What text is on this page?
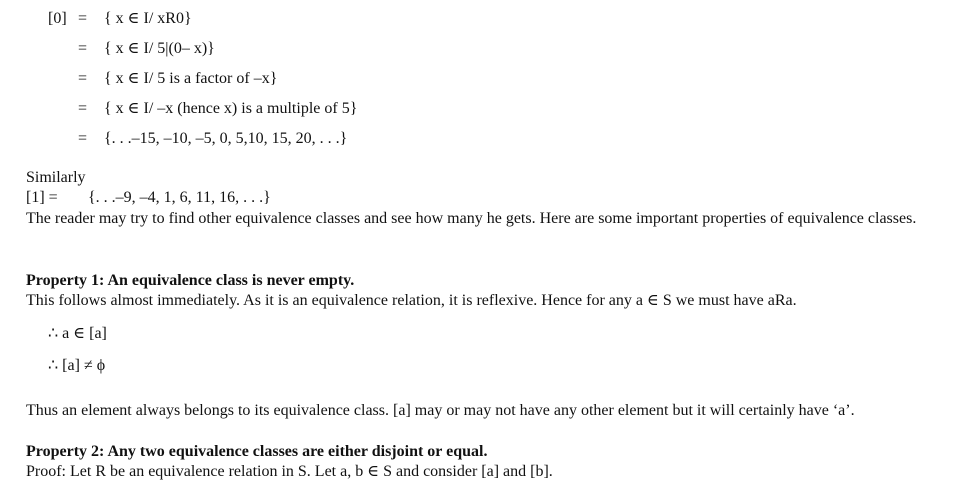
[0] = { x ∈ I/ xR0}
= { x ∈ I/ 5|(0– x)}
= { x ∈ I/ 5 is a factor of –x}
= { x ∈ I/ –x (hence x) is a multiple of 5}
= {. . .–15, –10, –5, 0, 5,10, 15, 20, . . .}
Similarly
[1] = {. . .–9, –4, 1, 6, 11, 16, . . .}
The reader may try to find other equivalence classes and see how many he gets. Here are some important properties of equivalence classes.
Property 1: An equivalence class is never empty.
This follows almost immediately. As it is an equivalence relation, it is reflexive. Hence for any a ∈ S we must have aRa.
∴ a ∈ [a]
∴ [a] ≠ ϕ
Thus an element always belongs to its equivalence class. [a] may or may not have any other element but it will certainly have ‘a’.
Property 2: Any two equivalence classes are either disjoint or equal.
Proof: Let R be an equivalence relation in S. Let a, b ∈ S and consider [a] and [b].
